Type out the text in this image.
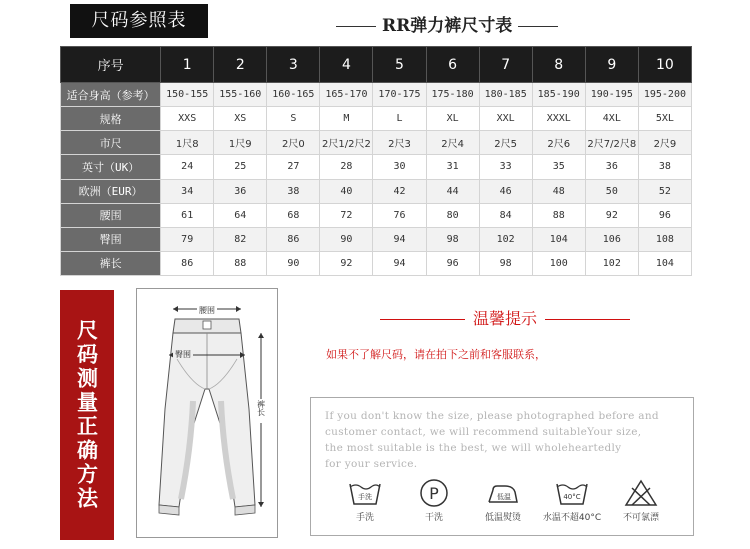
尺码参照表	RR弹力裤尺寸表
序号	1	2	3	4	5	6	7	8	9	10
适合身高（参考）	150-155	155-160	160-165	165-170	170-175	175-180	180-185	185-190	190-195	195-200
规格	XXS	XS	S	M	L	XL	XXL	XXXL	4XL	5XL
市尺	1尺8	1尺9	2尺0	2尺1/2尺2	2尺3	2尺4	2尺5	2尺6	2尺7/2尺8	2尺9
英寸（UK）	24	25	27	28	30	31	33	35	36	38
欧洲（EUR）	34	36	38	40	42	44	46	48	50	52
腰围	61	64	68	72	76	80	84	88	92	96
臀围	79	82	86	90	94	98	102	104	106	108
裤长	86	88	90	92	94	96	98	100	102	104
尺码测量正确方法
腰围
臀围
裤长
温馨提示
如果不了解尺码，请在拍下之前和客服联系，
If you don't know the size, please photographed before and
customer contact, we will recommend suitableYour size,
the most suitable is the best, we will wholeheartedly
for your service.
手洗
手洗
P
干洗
低温
低温熨烫
40°C
水温不超40°C	不可氯漂
